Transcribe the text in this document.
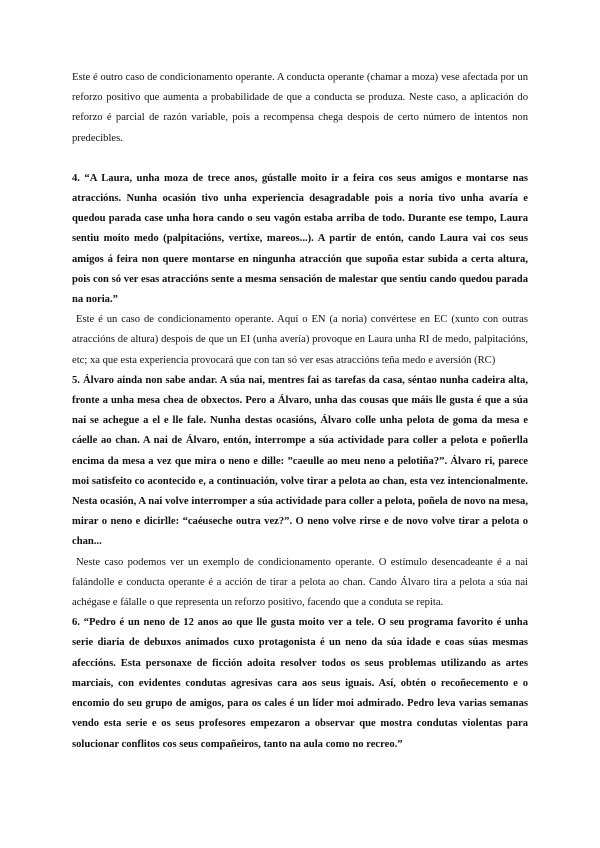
Este é outro caso de condicionamento operante. A conducta operante (chamar a moza) vese afectada por un reforzo positivo que aumenta a probabilidade de que a conducta se produza. Neste caso, a aplicación do reforzo é parcial de razón variable, pois a recompensa chega despois de certo número de intentos non predecibles.

4. “A Laura, unha moza de trece anos, gústalle moito ir a feira cos seus amigos e montarse nas atraccións. Nunha ocasión tivo unha experiencia desagradable pois a noria tivo unha avaría e quedou parada case unha hora cando o seu vagón estaba arriba de todo. Durante ese tempo, Laura sentiu moito medo (palpitacións, vertixe, mareos...). A partir de entón, cando Laura vai cos seus amigos á feira non quere montarse en ningunha atracción que supoña estar subida a certa altura, pois con só ver esas atraccións sente a mesma sensación de malestar que sentiu cando quedou parada na noria.”

Este é un caso de condicionamento operante. Aquí o EN (a noria) convértese en EC (xunto con outras atraccións de altura) despois de que un EI (unha avería) provoque en Laura unha RI de medo, palpitacións, etc; xa que esta experiencia provocará que con tan só ver esas atraccións teña medo e aversión (RC)

5. Álvaro ainda non sabe andar. A súa nai, mentres fai as tarefas da casa, séntao nunha cadeira alta, fronte a unha mesa chea de obxectos. Pero a Álvaro, unha das cousas que máis lle gusta é que a súa nai se achegue a el e lle fale. Nunha destas ocasións, Álvaro colle unha pelota de goma da mesa e cáelle ao chan. A nai de Álvaro, entón, interrompe a súa actividade para coller a pelota e poñerlla encima da mesa a vez que mira o neno e dille: ”caeulle ao meu neno a pelotiña?”. Álvaro ri, parece moi satisfeito co acontecido e, a continuación, volve tirar a pelota ao chan, esta vez intencionalmente. Nesta ocasión, A nai volve interromper a súa actividade para coller a pelota, poñela de novo na mesa, mirar o neno e dicirlle: “caéuseche outra vez?”. O neno volve rirse e de novo volve tirar a pelota o chan...

Neste caso podemos ver un exemplo de condicionamento operante. O estímulo desencadeante é a nai falándolle e conducta operante é a acción de tirar a pelota ao chan. Cando Álvaro tira a pelota a súa nai achégase e fálalle o que representa un reforzo positivo, facendo que a conduta se repita.

6. “Pedro é un neno de 12 anos ao que lle gusta moito ver a tele. O seu programa favorito é unha serie diaria de debuxos animados cuxo protagonista é un neno da súa idade e coas súas mesmas afeccións. Esta personaxe de ficción adoita resolver todos os seus problemas utilizando as artes marciais, con evidentes condutas agresivas cara aos seus iguais. Así, obtén o recoñecemento e o encomio do seu grupo de amigos, para os cales é un líder moi admirado. Pedro leva varias semanas vendo esta serie e os seus profesores empezaron a observar que mostra condutas violentas para solucionar conflitos cos seus compañeiros, tanto na aula como no recreo.”
